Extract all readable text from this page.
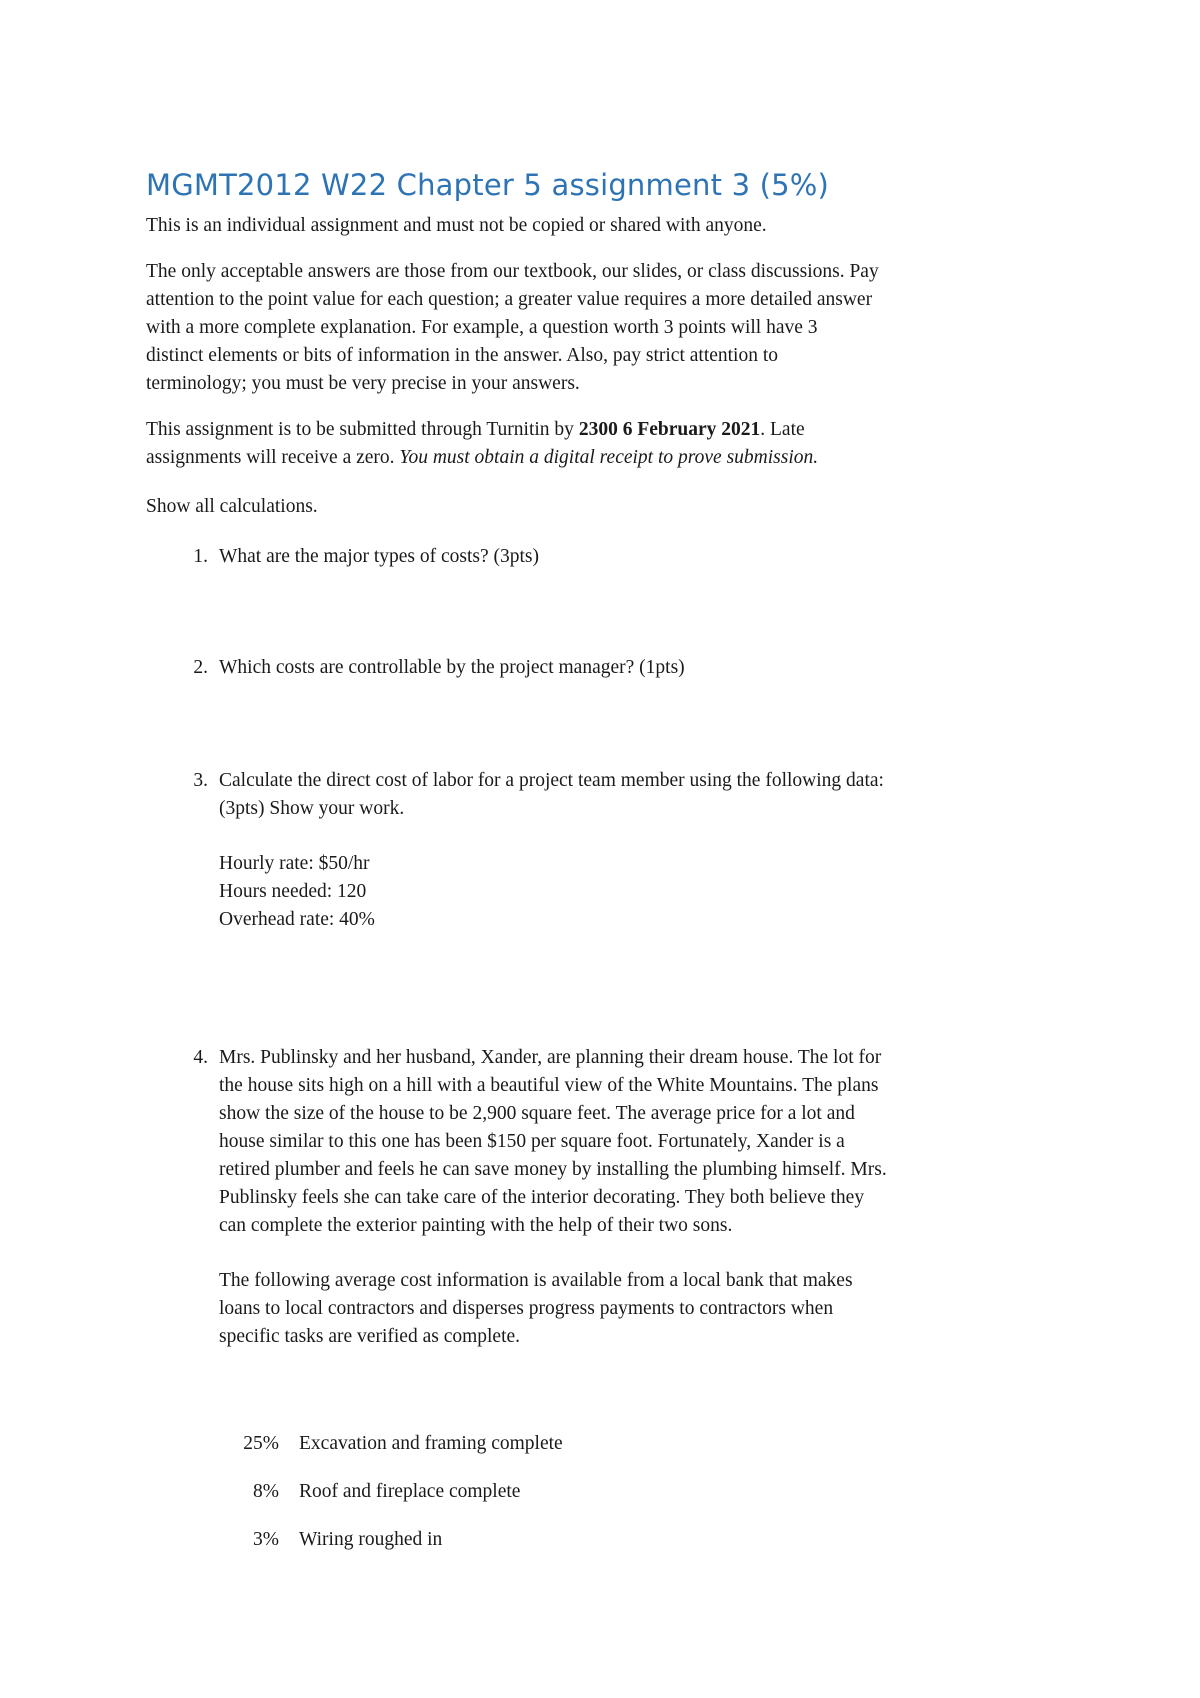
MGMT2012 W22 Chapter 5 assignment 3 (5%)
This is an individual assignment and must not be copied or shared with anyone.
The only acceptable answers are those from our textbook, our slides, or class discussions. Pay
attention to the point value for each question; a greater value requires a more detailed answer
with a more complete explanation. For example, a question worth 3 points will have 3
distinct elements or bits of information in the answer. Also, pay strict attention to
terminology; you must be very precise in your answers.
This assignment is to be submitted through Turnitin by 2300 6 February 2021. Late
assignments will receive a zero. You must obtain a digital receipt to prove submission.
Show all calculations.
1. What are the major types of costs? (3pts)
2. Which costs are controllable by the project manager? (1pts)
3. Calculate the direct cost of labor for a project team member using the following data:
(3pts) Show your work.
Hourly rate: $50/hr
Hours needed: 120
Overhead rate: 40%
4. Mrs. Publinsky and her husband, Xander, are planning their dream house. The lot for
the house sits high on a hill with a beautiful view of the White Mountains. The plans
show the size of the house to be 2,900 square feet. The average price for a lot and
house similar to this one has been $150 per square foot. Fortunately, Xander is a
retired plumber and feels he can save money by installing the plumbing himself. Mrs.
Publinsky feels she can take care of the interior decorating. They both believe they
can complete the exterior painting with the help of their two sons.
The following average cost information is available from a local bank that makes
loans to local contractors and disperses progress payments to contractors when
specific tasks are verified as complete.
25% Excavation and framing complete
8% Roof and fireplace complete
3% Wiring roughed in
